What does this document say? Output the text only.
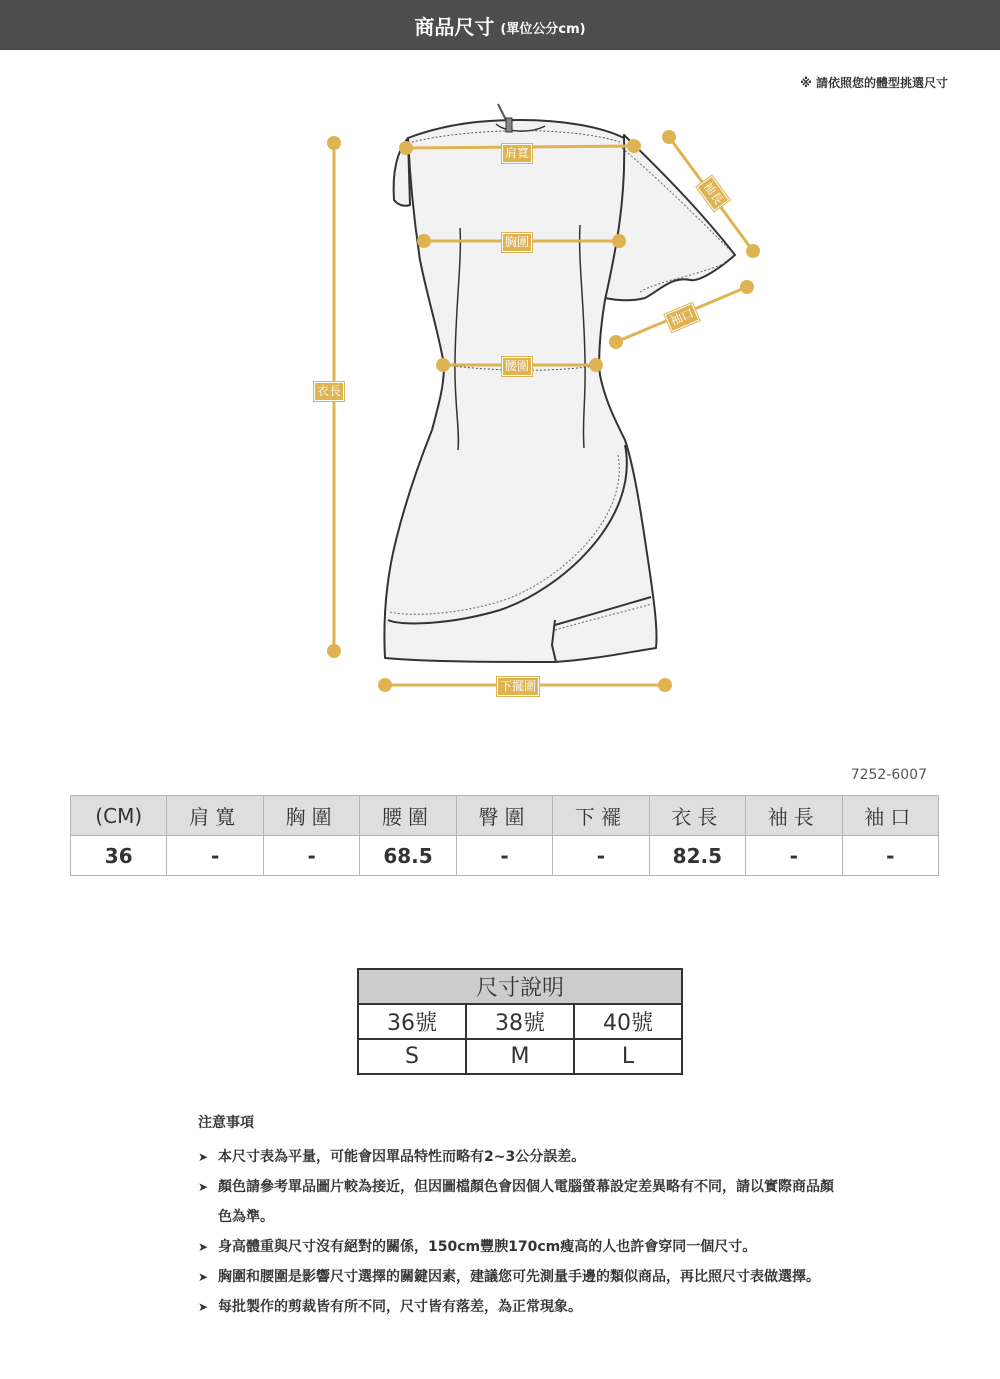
商品尺寸 (單位公分cm)
※ 請依照您的體型挑選尺寸
肩寬
袖長
胸圍
袖口
腰圍
衣長
下擺圍
7252-6007
(CM)	肩寬	胸圍	腰圍	臀圍	下襬	衣長	袖長	袖口
36	-	-	68.5	-	-	82.5	-	-
尺寸說明		
36號	38號	40號
S	M	L
注意事項
➤ 本尺寸表為平量，可能會因單品特性而略有2~3公分誤差。
➤ 顏色請參考單品圖片較為接近，但因圖檔顏色會因個人電腦螢幕設定差異略有不同，請以實際商品顏色為準。
➤ 身高體重與尺寸沒有絕對的關係，150cm豐腴170cm瘦高的人也許會穿同一個尺寸。
➤ 胸圍和腰圍是影響尺寸選擇的關鍵因素，建議您可先測量手邊的類似商品，再比照尺寸表做選擇。
➤ 每批製作的剪裁皆有所不同，尺寸皆有落差，為正常現象。
